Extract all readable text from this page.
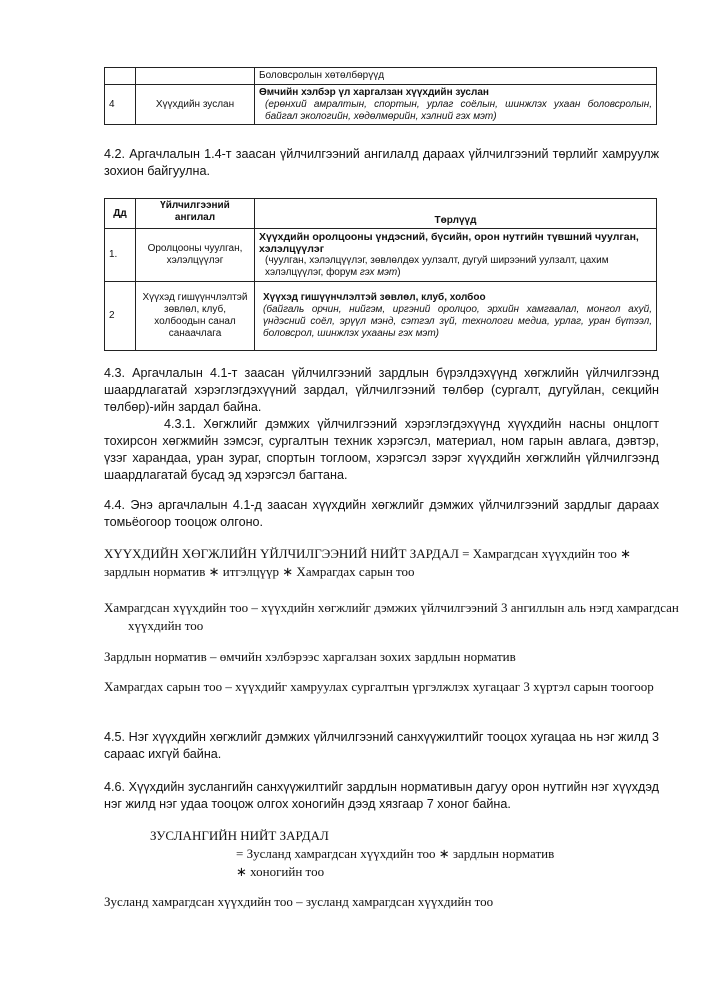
		Боловсролын хөтөлбөрүүд
4	Хүүхдийн зуслан	Өмчийн хэлбэр үл харгалзан хүүхдийн зуслан
(ерөнхий амралтын, спортын, урлаг соёлын, шинжлэх ухаан боловсролын, байгал экологийн, хөдөлмөрийн, хэлний гэх мэт)
4.2. Аргачлалын 1.4-т заасан үйлчилгээний ангилалд дараах үйлчилгээний төрлийг хамруулж зохион байгуулна.
Дд	Үйлчилгээний ангилал	Төрлүүд
1.	Оролцооны чуулган, хэлэлцүүлэг	Хүүхдийн оролцооны үндэсний, бүсийн, орон нутгийн түвшний чуулган, хэлэлцүүлэг
(чуулган, хэлэлцүүлэг, зөвлөлдөх уулзалт, дугуй ширээний уулзалт, цахим хэлэлцүүлэг, форум гэх мэт)

2	Хүүхэд гишүүнчлэлтэй зөвлөл, клуб, холбоодын санал санаачлага	Хүүхэд гишүүнчлэлтэй зөвлөл, клуб, холбоо
(байгаль орчин, нийгэм, иргэний оролцоо, эрхийн хамгаалал, монгол ахуй, үндэсний соёл, эрүүл мэнд, сэтгэл зүй, технологи медиа, урлаг, уран бүтээл, боловсрол, шинжлэх ухааны гэх мэт)
4.3. Аргачлалын 4.1-т заасан үйлчилгээний зардлын бүрэлдэхүүнд хөгжлийн үйлчилгээнд шаардлагатай хэрэглэгдэхүүний зардал, үйлчилгээний төлбөр (сургалт, дугуйлан, секцийн төлбөр)-ийн зардал байна.
4.3.1. Хөгжлийг дэмжих үйлчилгээний хэрэглэгдэхүүнд хүүхдийн насны онцлогт тохирсон хөгжмийн зэмсэг, сургалтын техник хэрэгсэл, материал, ном гарын авлага, дэвтэр, үзэг харандаа, уран зураг, спортын тоглоом, хэрэгсэл зэрэг хүүхдийн хөгжлийн үйлчилгээнд шаардлагатай бусад эд хэрэгсэл багтана.
4.4. Энэ аргачлалын 4.1-д заасан хүүхдийн хөгжлийг дэмжих үйлчилгээний зардлыг дараах томьёогоор тооцож олгоно.
ХҮҮХДИЙН ХӨГЖЛИЙН ҮЙЛЧИЛГЭЭНИЙ НИЙТ ЗАРДАЛ = Хамрагдсан хүүхдийн тоо ∗
зардлын норматив ∗ итгэлцүүр ∗ Хамрагдах сарын тоо
Хамрагдсан хүүхдийн тоо – хүүхдийн хөгжлийг дэмжих үйлчилгээний 3 ангиллын аль нэгд хамрагдсан хүүхдийн тоо
Зардлын норматив – өмчийн хэлбэрээс харгалзан зохих зардлын норматив
Хамрагдах сарын тоо – хүүхдийг хамруулах сургалтын үргэлжлэх хугацааг 3 хүртэл сарын тоогоор
4.5. Нэг хүүхдийн хөгжлийг дэмжих үйлчилгээний санхүүжилтийг тооцох хугацаа нь нэг жилд 3 сараас ихгүй байна.
4.6. Хүүхдийн зуслангийн санхүүжилтийг зардлын нормативын дагуу орон нутгийн нэг хүүхдэд нэг жилд нэг удаа тооцож олгох хоногийн дээд хязгаар 7 хоног байна.
ЗУСЛАНГИЙН НИЙТ ЗАРДАЛ
= Зусланд хамрагдсан хүүхдийн тоо ∗ зардлын норматив
∗ хоногийн тоо
Зусланд хамрагдсан хүүхдийн тоо – зусланд хамрагдсан хүүхдийн тоо
